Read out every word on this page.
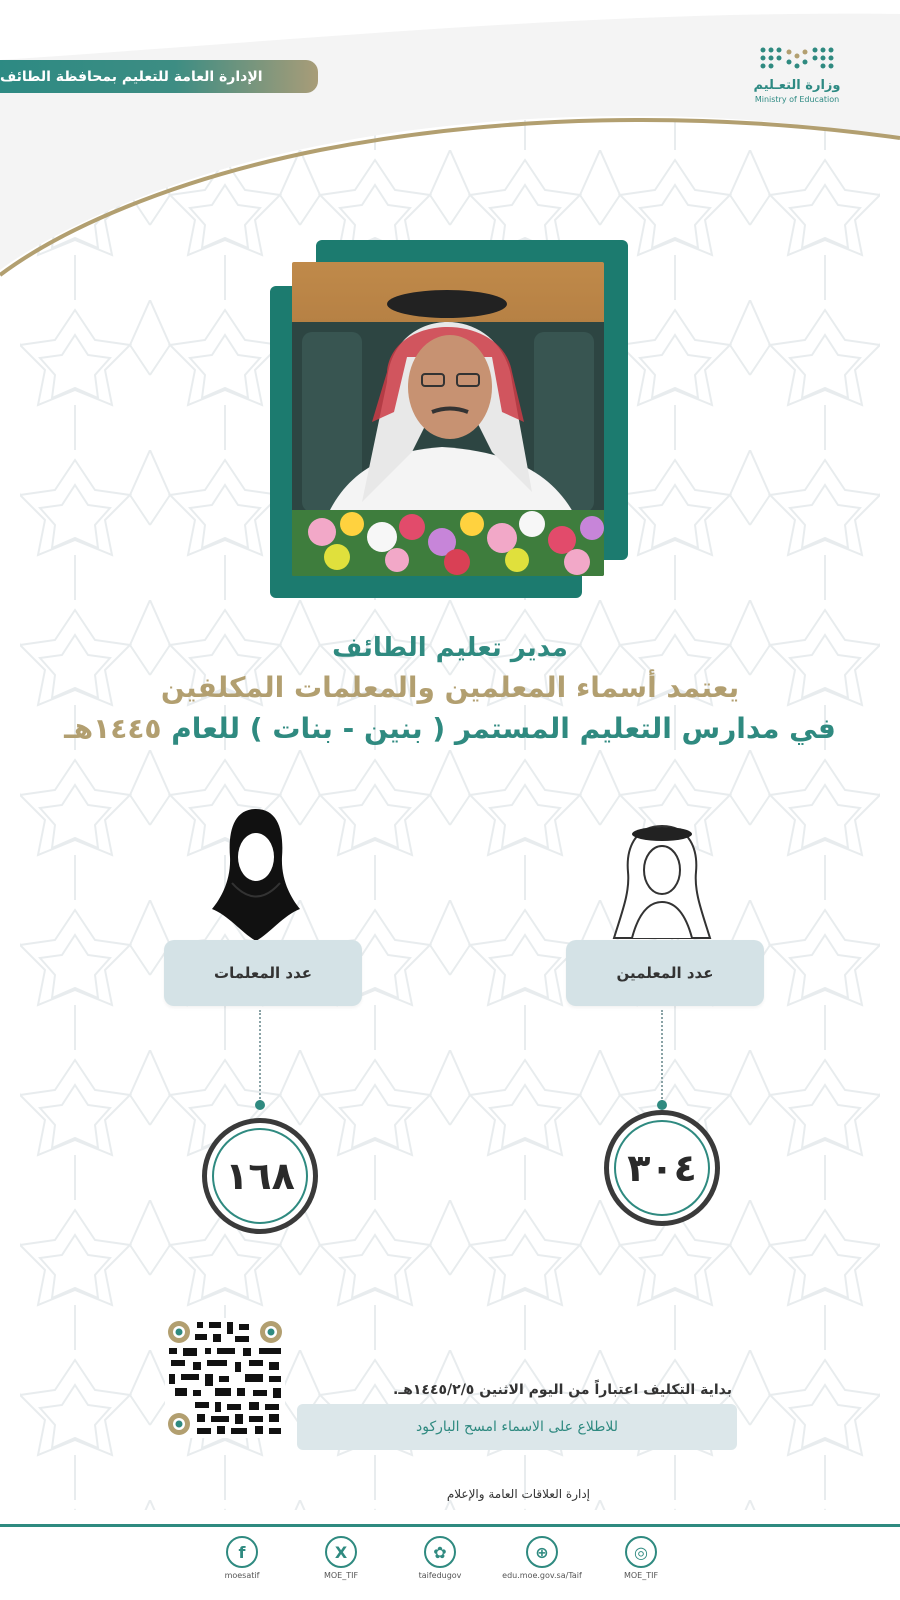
الإدارة العامة للتعليم بمحافظة الطائف
وزارة التعـليم
Ministry of Education
مدير تعليم الطائف
يعتمد أسماء المعلمين والمعلمات المكلفين
في مدارس التعليم المستمر ( بنين - بنات ) للعام ١٤٤٥هـ
عدد المعلمات	عدد المعلمين
١٦٨	٣٠٤
بداية التكليف اعتباراً من اليوم الاثنين ١٤٤٥/٢/٥هـ.
للاطلاع على الاسماء امسح الباركود
إدارة العلاقات العامة والإعلام
f
moesatif
X
MOE_TIF
✿
taifedugov
⊕
edu.moe.gov.sa/Taif
◎
MOE_TIF
